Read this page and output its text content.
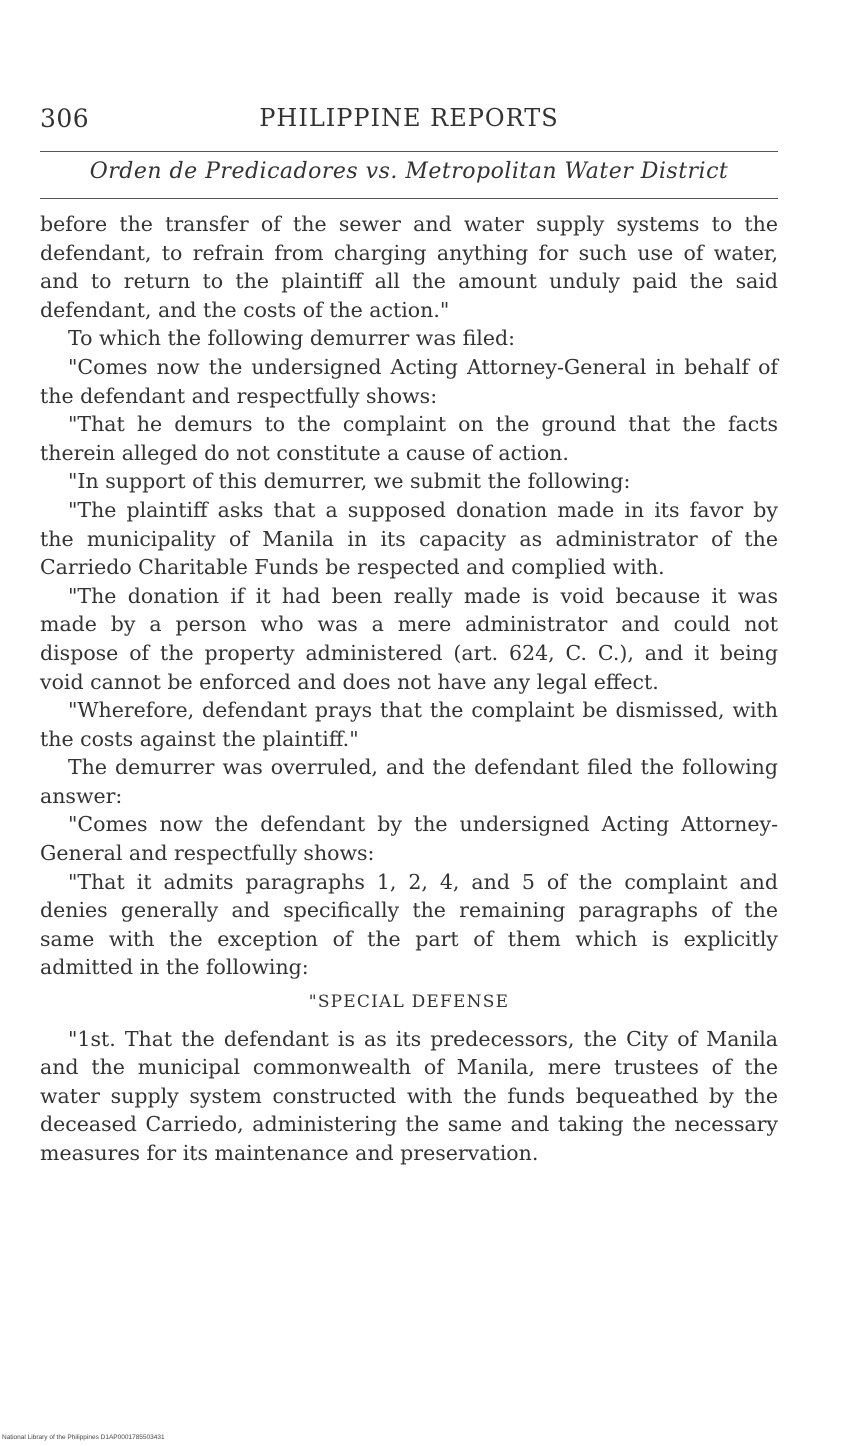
306	PHILIPPINE REPORTS
Orden de Predicadores vs. Metropolitan Water District

before the transfer of the sewer and water supply systems to the defendant, to refrain from charging anything for such use of water, and to return to the plaintiff all the amount unduly paid the said defendant, and the costs of the action."

To which the following demurrer was filed:

"Comes now the undersigned Acting Attorney-General in behalf of the defendant and respectfully shows:

"That he demurs to the complaint on the ground that the facts therein alleged do not constitute a cause of action.

"In support of this demurrer, we submit the following:

"The plaintiff asks that a supposed donation made in its favor by the municipality of Manila in its capacity as administrator of the Carriedo Charitable Funds be respected and complied with.

"The donation if it had been really made is void because it was made by a person who was a mere administrator and could not dispose of the property administered (art. 624, C. C.), and it being void cannot be enforced and does not have any legal effect.

"Wherefore, defendant prays that the complaint be dismissed, with the costs against the plaintiff."

The demurrer was overruled, and the defendant filed the following answer:

"Comes now the defendant by the undersigned Acting Attorney-General and respectfully shows:

"That it admits paragraphs 1, 2, 4, and 5 of the complaint and denies generally and specifically the remaining paragraphs of the same with the exception of the part of them which is explicitly admitted in the following:

"SPECIAL DEFENSE

"1st. That the defendant is as its predecessors, the City of Manila and the municipal commonwealth of Manila, mere trustees of the water supply system constructed with the funds bequeathed by the deceased Carriedo, administering the same and taking the necessary measures for its maintenance and preservation.

National Library of the Philippines D1AP0001785503431
